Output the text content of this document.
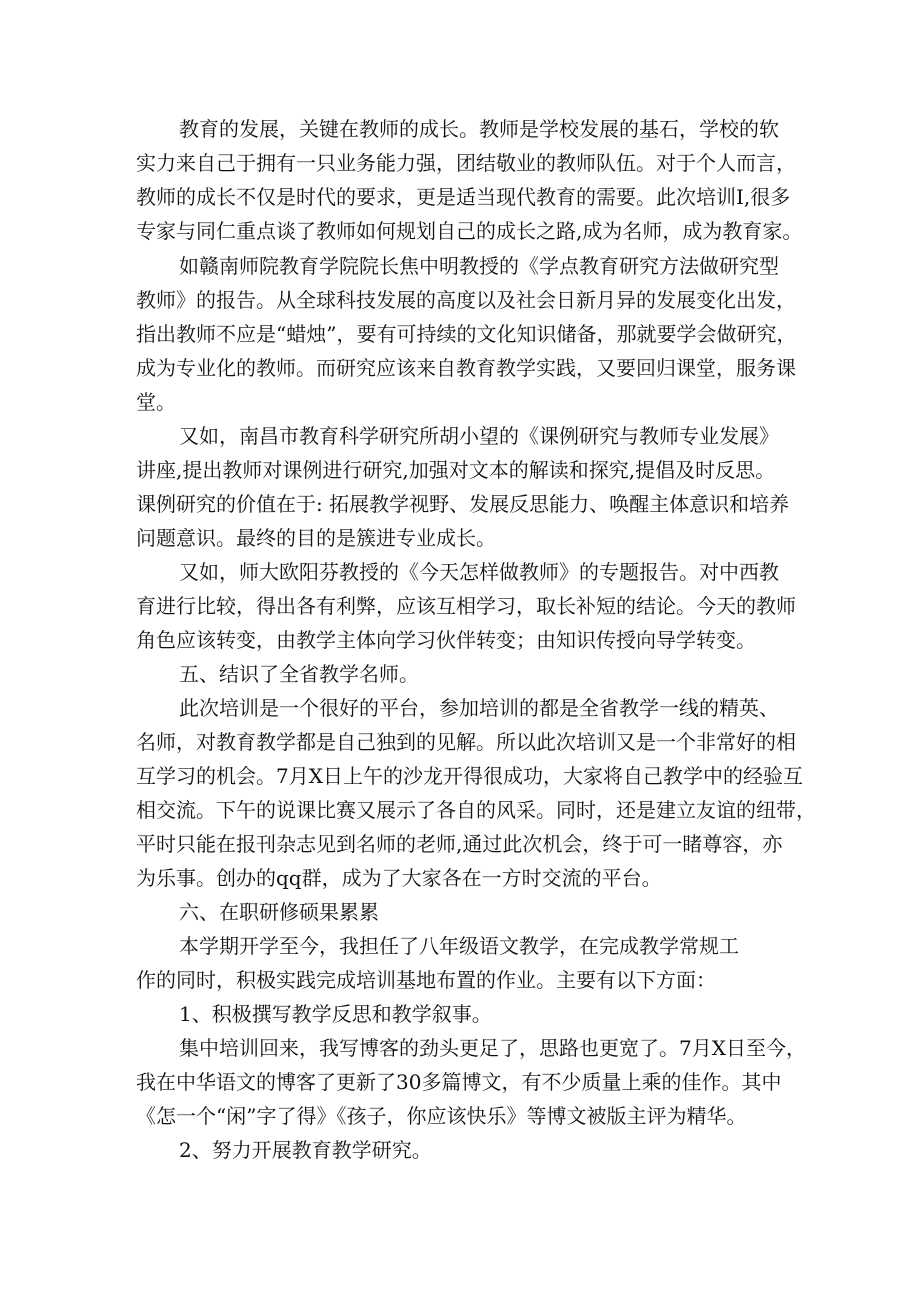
教育的发展，关键在教师的成长。教师是学校发展的基石，学校的软

实力来自己于拥有一只业务能力强，团结敬业的教师队伍。对于个人而言，

教师的成长不仅是时代的要求，更是适当现代教育的需要。此次培训I,很多

专家与同仁重点谈了教师如何规划自己的成长之路,成为名师，成为教育家。

如赣南师院教育学院院长焦中明教授的《学点教育研究方法做研究型

教师》的报告。从全球科技发展的高度以及社会日新月异的发展变化出发，

指出教师不应是“蜡烛”，要有可持续的文化知识储备，那就要学会做研究，

成为专业化的教师。而研究应该来自教育教学实践，又要回归课堂，服务课

堂。

又如，南昌市教育科学研究所胡小望的《课例研究与教师专业发展》

讲座,提出教师对课例进行研究,加强对文本的解读和探究,提倡及时反思。

课例研究的价值在于: 拓展教学视野、发展反思能力、唤醒主体意识和培养

问题意识。最终的目的是簇进专业成长。

又如，师大欧阳芬教授的《今天怎样做教师》的专题报告。对中西教

育进行比较，得出各有利弊，应该互相学习，取长补短的结论。今天的教师

角色应该转变，由教学主体向学习伙伴转变；由知识传授向导学转变。

五、结识了全省教学名师。

此次培训是一个很好的平台，参加培训的都是全省教学一线的精英、

名师，对教育教学都是自己独到的见解。所以此次培训又是一个非常好的相

互学习的机会。7月X日上午的沙龙开得很成功，大家将自己教学中的经验互

相交流。下午的说课比赛又展示了各自的风采。同时，还是建立友谊的纽带，

平时只能在报刊杂志见到名师的老师,通过此次机会，终于可一睹尊容，亦

为乐事。创办的qq群，成为了大家各在一方时交流的平台。

六、在职研修硕果累累

本学期开学至今，我担任了八年级语文教学，在完成教学常规工

作的同时，积极实践完成培训基地布置的作业。主要有以下方面：

1、积极撰写教学反思和教学叙事。

集中培训回来，我写博客的劲头更足了，思路也更宽了。7月X日至今，

我在中华语文的博客了更新了30多篇博文，有不少质量上乘的佳作。其中

《怎一个“闲”字了得》《孩子，你应该快乐》等博文被版主评为精华。

2、努力开展教育教学研究。
